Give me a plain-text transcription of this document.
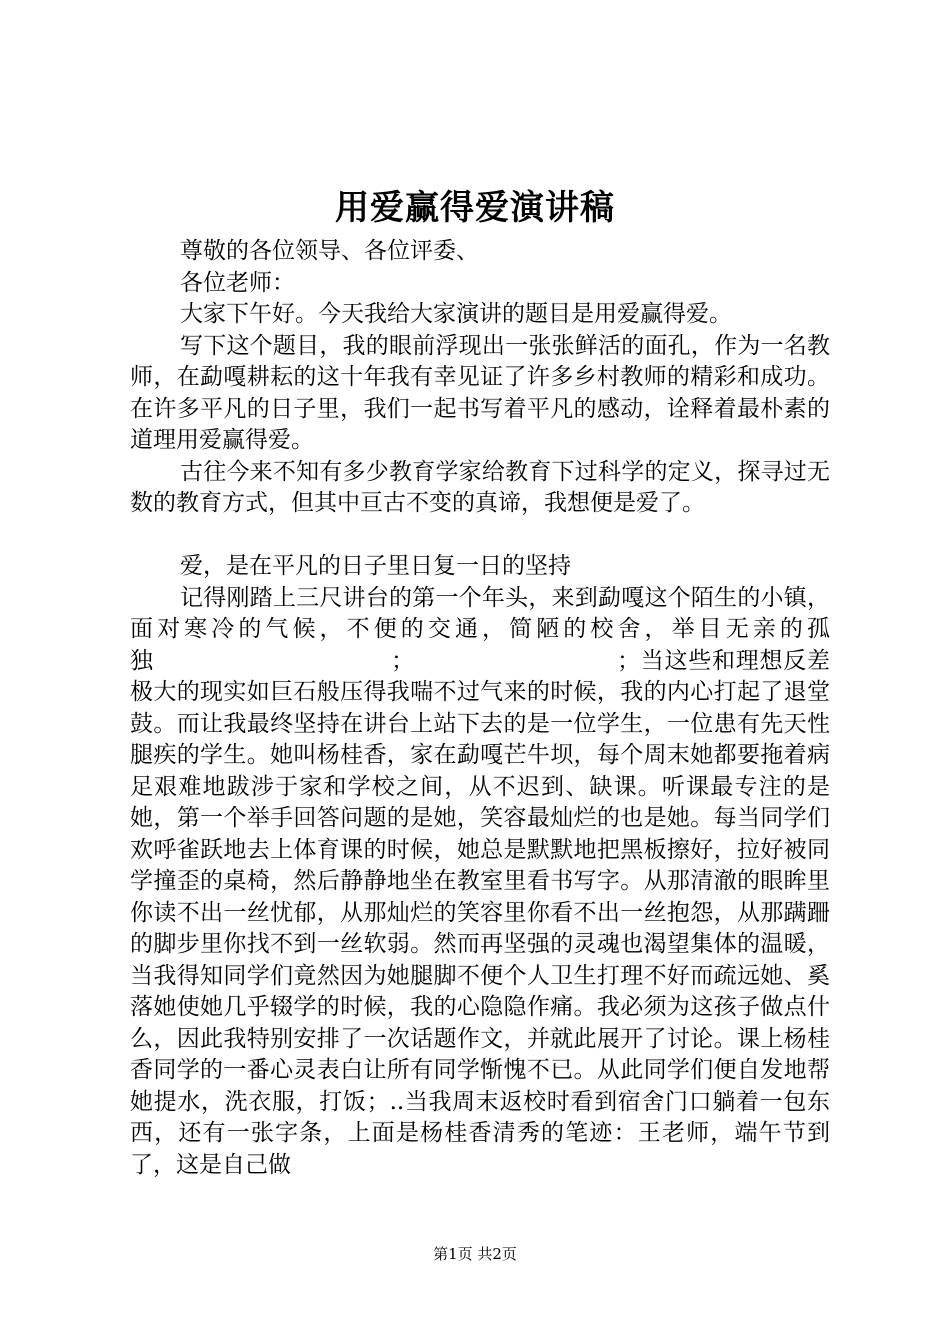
用爱赢得爱演讲稿

尊敬的各位领导、各位评委、

各位老师：

大家下午好。今天我给大家演讲的题目是用爱赢得爱。

写下这个题目，我的眼前浮现出一张张鲜活的面孔，作为一名教师，在勐嘎耕耘的这十年我有幸见证了许多乡村教师的精彩和成功。在许多平凡的日子里，我们一起书写着平凡的感动，诠释着最朴素的道理用爱赢得爱。

古往今来不知有多少教育学家给教育下过科学的定义，探寻过无数的教育方式，但其中亘古不变的真谛，我想便是爱了。

爱，是在平凡的日子里日复一日的坚持

记得刚踏上三尺讲台的第一个年头，来到勐嘎这个陌生的小镇，面对寒冷的气候，不便的交通，简陋的校舍，举目无亲的孤独　　　　　　　　　　；　　　　　　　　　；当这些和理想反差极大的现实如巨石般压得我喘不过气来的时候，我的内心打起了退堂鼓。而让我最终坚持在讲台上站下去的是一位学生，一位患有先天性腿疾的学生。她叫杨桂香，家在勐嘎芒牛坝，每个周末她都要拖着病足艰难地跋涉于家和学校之间，从不迟到、缺课。听课最专注的是她，第一个举手回答问题的是她，笑容最灿烂的也是她。每当同学们欢呼雀跃地去上体育课的时候，她总是默默地把黑板擦好，拉好被同学撞歪的桌椅，然后静静地坐在教室里看书写字。从那清澈的眼眸里你读不出一丝忧郁，从那灿烂的笑容里你看不出一丝抱怨，从那蹒跚的脚步里你找不到一丝软弱。然而再坚强的灵魂也渴望集体的温暖，当我得知同学们竟然因为她腿脚不便个人卫生打理不好而疏远她、奚落她使她几乎辍学的时候，我的心隐隐作痛。我必须为这孩子做点什么，因此我特别安排了一次话题作文，并就此展开了讨论。课上杨桂香同学的一番心灵表白让所有同学惭愧不已。从此同学们便自发地帮她提水，洗衣服，打饭；..当我周末返校时看到宿舍门口躺着一包东西，还有一张字条，上面是杨桂香清秀的笔迹：王老师，端午节到了，这是自己做

第1页 共2页
